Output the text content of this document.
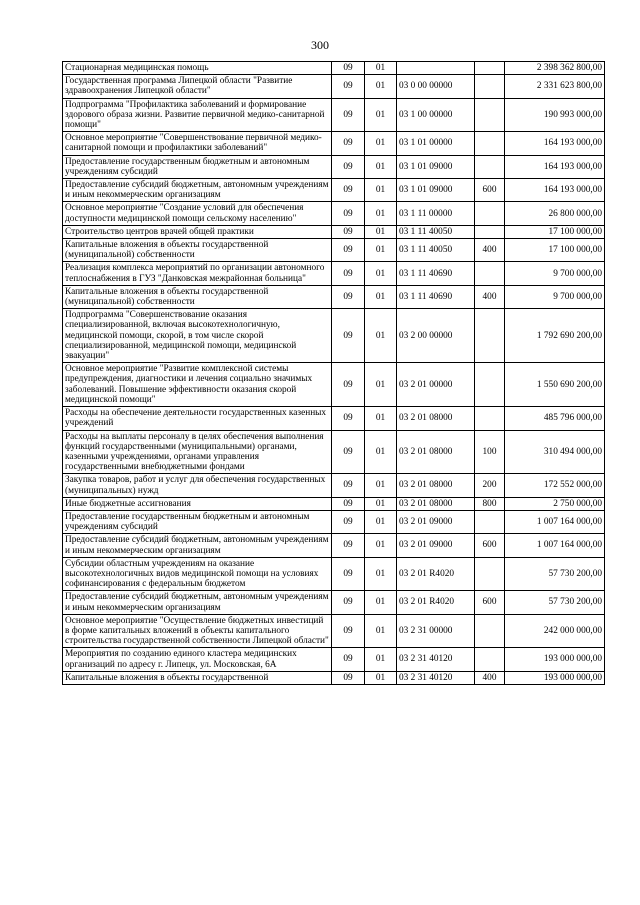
300
Стационарная медицинская помощь	09	01			2 398 362 800,00
Государственная программа Липецкой области "Развитие здравоохранения Липецкой области"	09	01	03 0 00 00000		2 331 623 800,00
Подпрограмма "Профилактика заболеваний и формирование здорового образа жизни. Развитие первичной медико-санитарной помощи"	09	01	03 1 00 00000		190 993 000,00
Основное мероприятие "Совершенствование первичной медико-санитарной помощи и профилактики заболеваний"	09	01	03 1 01 00000		164 193 000,00
Предоставление государственным бюджетным и автономным учреждениям субсидий	09	01	03 1 01 09000		164 193 000,00
Предоставление субсидий бюджетным, автономным учреждениям и иным некоммерческим организациям	09	01	03 1 01 09000	600	164 193 000,00
Основное мероприятие "Создание условий для обеспечения доступности медицинской помощи сельскому населению"	09	01	03 1 11 00000		26 800 000,00
Строительство центров врачей общей практики	09	01	03 1 11 40050		17 100 000,00
Капитальные вложения в объекты государственной (муниципальной) собственности	09	01	03 1 11 40050	400	17 100 000,00
Реализация комплекса мероприятий по организации автономного теплоснабжения в ГУЗ "Данковская межрайонная больница"	09	01	03 1 11 40690		9 700 000,00
Капитальные вложения в объекты государственной (муниципальной) собственности	09	01	03 1 11 40690	400	9 700 000,00
Подпрограмма "Совершенствование оказания специализированной, включая высокотехнологичную, медицинской помощи, скорой, в том числе скорой специализированной, медицинской помощи, медицинской эвакуации"	09	01	03 2 00 00000		1 792 690 200,00
Основное мероприятие "Развитие комплексной системы предупреждения, диагностики и лечения социально значимых заболеваний. Повышение эффективности оказания скорой медицинской помощи"	09	01	03 2 01 00000		1 550 690 200,00
Расходы на обеспечение деятельности государственных казенных учреждений	09	01	03 2 01 08000		485 796 000,00
Расходы на выплаты персоналу в целях обеспечения выполнения функций государственными (муниципальными) органами, казенными учреждениями, органами управления государственными внебюджетными фондами	09	01	03 2 01 08000	100	310 494 000,00
Закупка товаров, работ и услуг для обеспечения государственных (муниципальных) нужд	09	01	03 2 01 08000	200	172 552 000,00
Иные бюджетные ассигнования	09	01	03 2 01 08000	800	2 750 000,00
Предоставление государственным бюджетным и автономным учреждениям субсидий	09	01	03 2 01 09000		1 007 164 000,00
Предоставление субсидий бюджетным, автономным учреждениям и иным некоммерческим организациям	09	01	03 2 01 09000	600	1 007 164 000,00
Субсидии областным учреждениям на оказание высокотехнологичных видов медицинской помощи на условиях софинансирования с федеральным бюджетом	09	01	03 2 01 R4020		57 730 200,00
Предоставление субсидий бюджетным, автономным учреждениям и иным некоммерческим организациям	09	01	03 2 01 R4020	600	57 730 200,00
Основное мероприятие "Осуществление бюджетных инвестиций в форме капитальных вложений в объекты капитального строительства государственной собственности Липецкой области"	09	01	03 2 31 00000		242 000 000,00
Мероприятия по созданию единого кластера медицинских организаций по адресу г. Липецк, ул. Московская, 6А	09	01	03 2 31 40120		193 000 000,00
Капитальные вложения в объекты государственной	09	01	03 2 31 40120	400	193 000 000,00
